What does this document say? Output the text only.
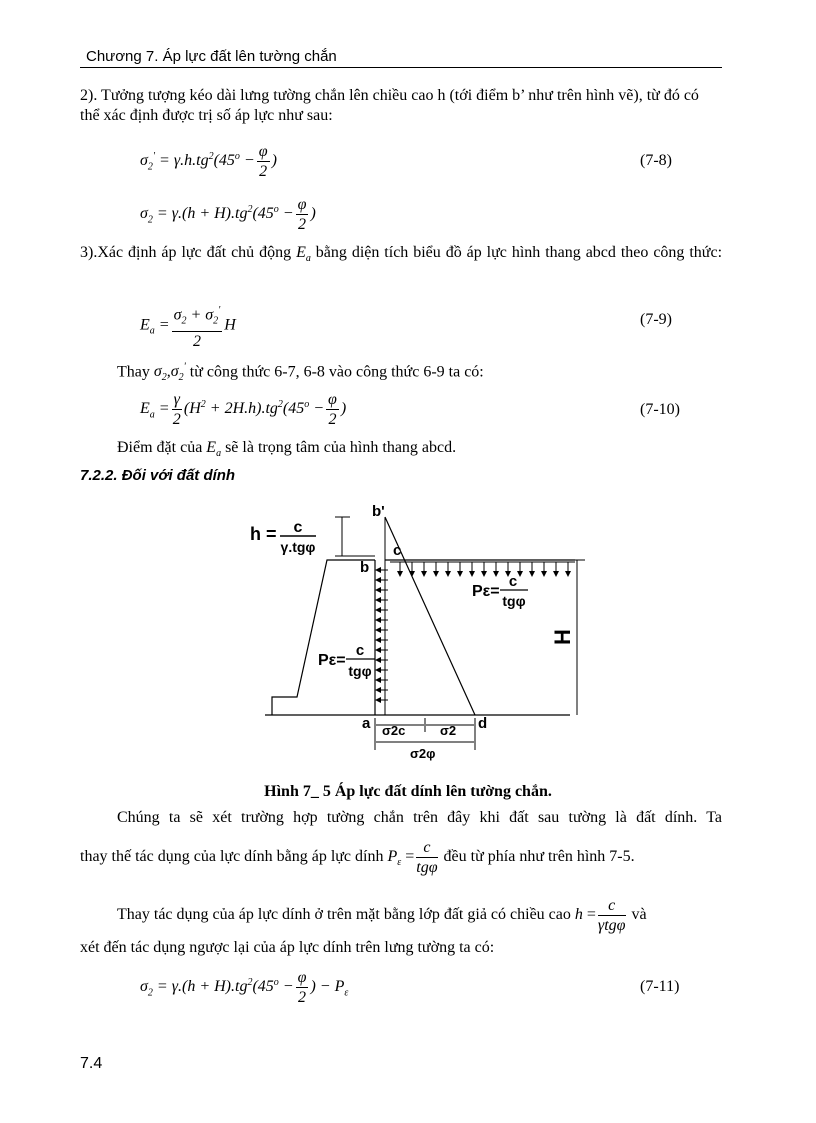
Chương 7. Áp lực đất lên tường chắn
2). Tưởng tượng kéo dài lưng tường chắn lên chiều cao h (tới điểm b’ như trên hình vẽ), từ đó có thể xác định được trị số áp lực như sau:
$\sigma_2' = \gamma.h.tg^2(45^o - \frac{\varphi}{2}$ )	(7-8)
$\sigma_2 = \gamma.(h + H).tg^2(45^o - \frac{\varphi}{2}$ )
3).Xác định áp lực đất chủ động $E_a$ bằng diện tích biểu đồ áp lực hình thang abcd theo công thức:
$E_a = \frac{\sigma_2 + \sigma_2'}{2}$ H	(7-9)
Thay $\sigma_2,\sigma_2'$ từ công thức 6-7, 6-8 vào công thức 6-9 ta có:
$E_a = \frac{\gamma}{2} (H^2 + 2H.h).tg^2(45^o - \frac{\varphi}{2}$ )	(7-10)
Điểm đặt của $E_a$ sẽ là trọng tâm của hình thang abcd.
7.2.2. Đối với đất dính
h = c
γ.tgφ
H
b'
b
c
a	d
Pε=
c
tgφ
Pε=
c
tgφ
σ2c	σ2
σ2φ
Hình 7_ 5 Áp lực đất dính lên tường chắn.
Chúng ta sẽ xét trường hợp tường chắn trên đây khi đất sau tường là đất dính. Ta
thay thế tác dụng của lực dính bằng áp lực dính $P_\varepsilon = \frac{c}{\text{tgφ}}$ đều từ phía như trên hình 7-5.
Thay tác dụng của áp lực dính ở trên mặt bằng lớp đất giả có chiều cao $h = \frac{c}{\text{γtgφ}}$ và
xét đến tác dụng ngược lại của áp lực dính trên lưng tường ta có:
$\sigma_2 = \gamma.(h + H).tg^2(45^o - \frac{\varphi}{2}$ ) − $P_\varepsilon$	(7-11)
7.4
